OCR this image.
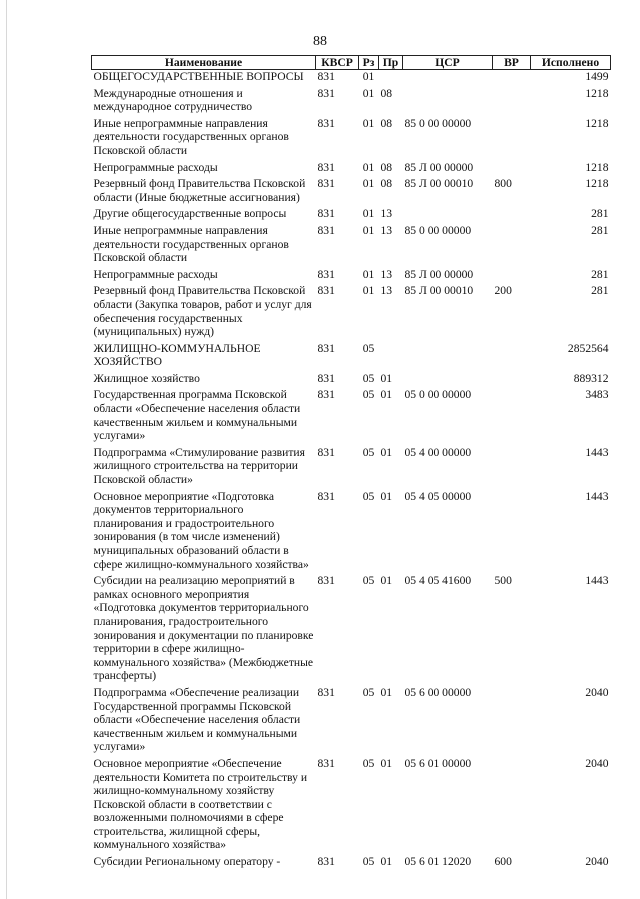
88
Наименование	КВСР	Рз	Пр	ЦСР	ВР	Исполнено
ОБЩЕГОСУДАРСТВЕННЫЕ ВОПРОСЫ	831	01				1499
Международные отношения и международное сотрудничество	831	01	08			1218
Иные непрограммные направления деятельности государственных органов Псковской области	831	01	08	85 0 00 00000		1218
Непрограммные расходы	831	01	08	85 Л 00 00000		1218
Резервный фонд Правительства Псковской области (Иные бюджетные ассигнования)	831	01	08	85 Л 00 00010	800	1218
Другие общегосударственные вопросы	831	01	13			281
Иные непрограммные направления деятельности государственных органов Псковской области	831	01	13	85 0 00 00000		281
Непрограммные расходы	831	01	13	85 Л 00 00000		281
Резервный фонд Правительства Псковской области (Закупка товаров, работ и услуг для обеспечения государственных (муниципальных) нужд)	831	01	13	85 Л 00 00010	200	281
ЖИЛИЩНО-КОММУНАЛЬНОЕ ХОЗЯЙСТВО	831	05				2852564
Жилищное хозяйство	831	05	01			889312
Государственная программа Псковской области «Обеспечение населения области качественным жильем и коммунальными услугами»	831	05	01	05 0 00 00000		3483
Подпрограмма «Стимулирование развития жилищного строительства на территории Псковской области»	831	05	01	05 4 00 00000		1443
Основное мероприятие «Подготовка документов территориального планирования и градостроительного зонирования (в том числе изменений) муниципальных образований области в сфере жилищно-коммунального хозяйства»	831	05	01	05 4 05 00000		1443
Субсидии на реализацию мероприятий в рамках основного мероприятия «Подготовка документов территориального планирования, градостроительного зонирования и документации по планировке территории в сфере жилищно-коммунального хозяйства» (Межбюджетные трансферты)	831	05	01	05 4 05 41600	500	1443
Подпрограмма «Обеспечение реализации Государственной программы Псковской области «Обеспечение населения области качественным жильем и коммунальными услугами»	831	05	01	05 6 00 00000		2040
Основное мероприятие «Обеспечение деятельности Комитета по строительству и жилищно-коммунальному хозяйству Псковской области в соответствии с возложенными полномочиями в сфере строительства, жилищной сферы, коммунального хозяйства»	831	05	01	05 6 01 00000		2040
Субсидии Региональному оператору -	831	05	01	05 6 01 12020	600	2040
